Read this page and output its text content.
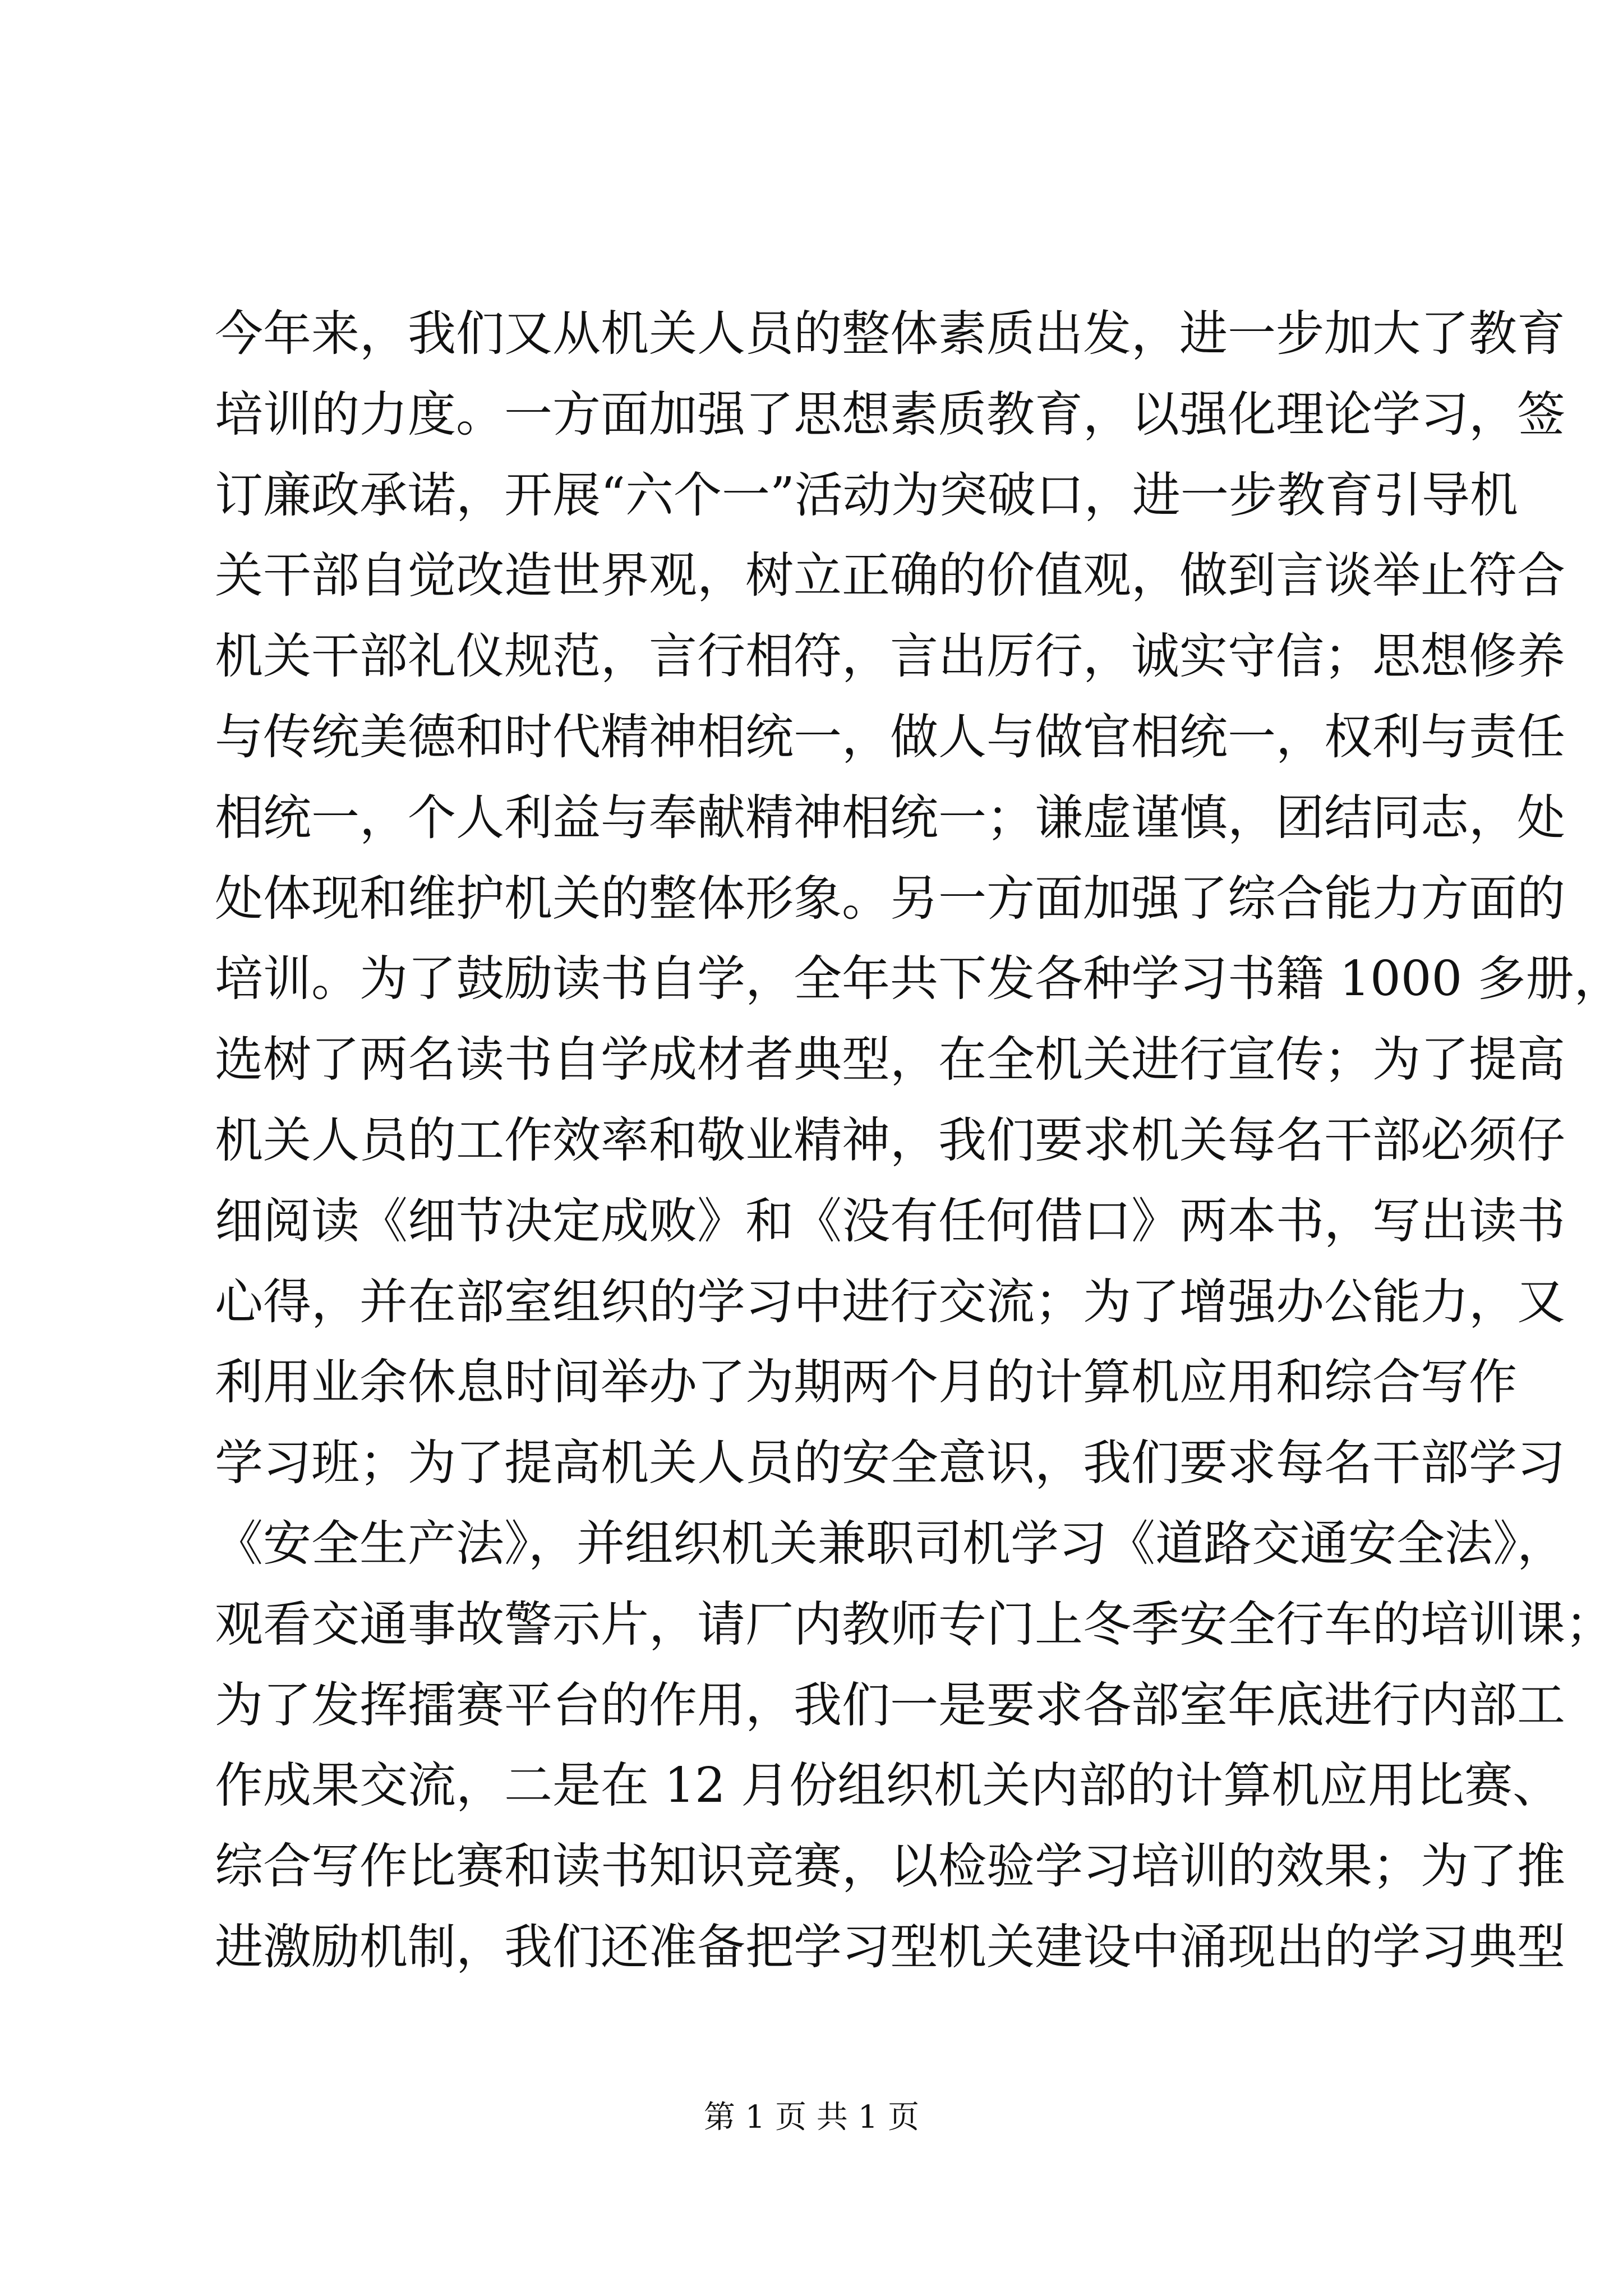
今年来，我们又从机关人员的整体素质出发，进一步加大了教育
培训的力度。一方面加强了思想素质教育，以强化理论学习，签
订廉政承诺，开展“六个一”活动为突破口，进一步教育引导机
关干部自觉改造世界观，树立正确的价值观，做到言谈举止符合
机关干部礼仪规范，言行相符，言出厉行，诚实守信；思想修养
与传统美德和时代精神相统一，做人与做官相统一，权利与责任
相统一，个人利益与奉献精神相统一；谦虚谨慎，团结同志，处
处体现和维护机关的整体形象。另一方面加强了综合能力方面的
培训。为了鼓励读书自学，全年共下发各种学习书籍 1000 多册，
选树了两名读书自学成材者典型，在全机关进行宣传；为了提高
机关人员的工作效率和敬业精神，我们要求机关每名干部必须仔
细阅读《细节决定成败》和《没有任何借口》两本书，写出读书
心得，并在部室组织的学习中进行交流；为了增强办公能力，又
利用业余休息时间举办了为期两个月的计算机应用和综合写作
学习班；为了提高机关人员的安全意识，我们要求每名干部学习
《安全生产法》，并组织机关兼职司机学习《道路交通安全法》，
观看交通事故警示片，请厂内教师专门上冬季安全行车的培训课；
为了发挥擂赛平台的作用，我们一是要求各部室年底进行内部工
作成果交流，二是在 12 月份组织机关内部的计算机应用比赛、
综合写作比赛和读书知识竞赛，以检验学习培训的效果；为了推
进激励机制，我们还准备把学习型机关建设中涌现出的学习典型
第 1 页 共 1 页
